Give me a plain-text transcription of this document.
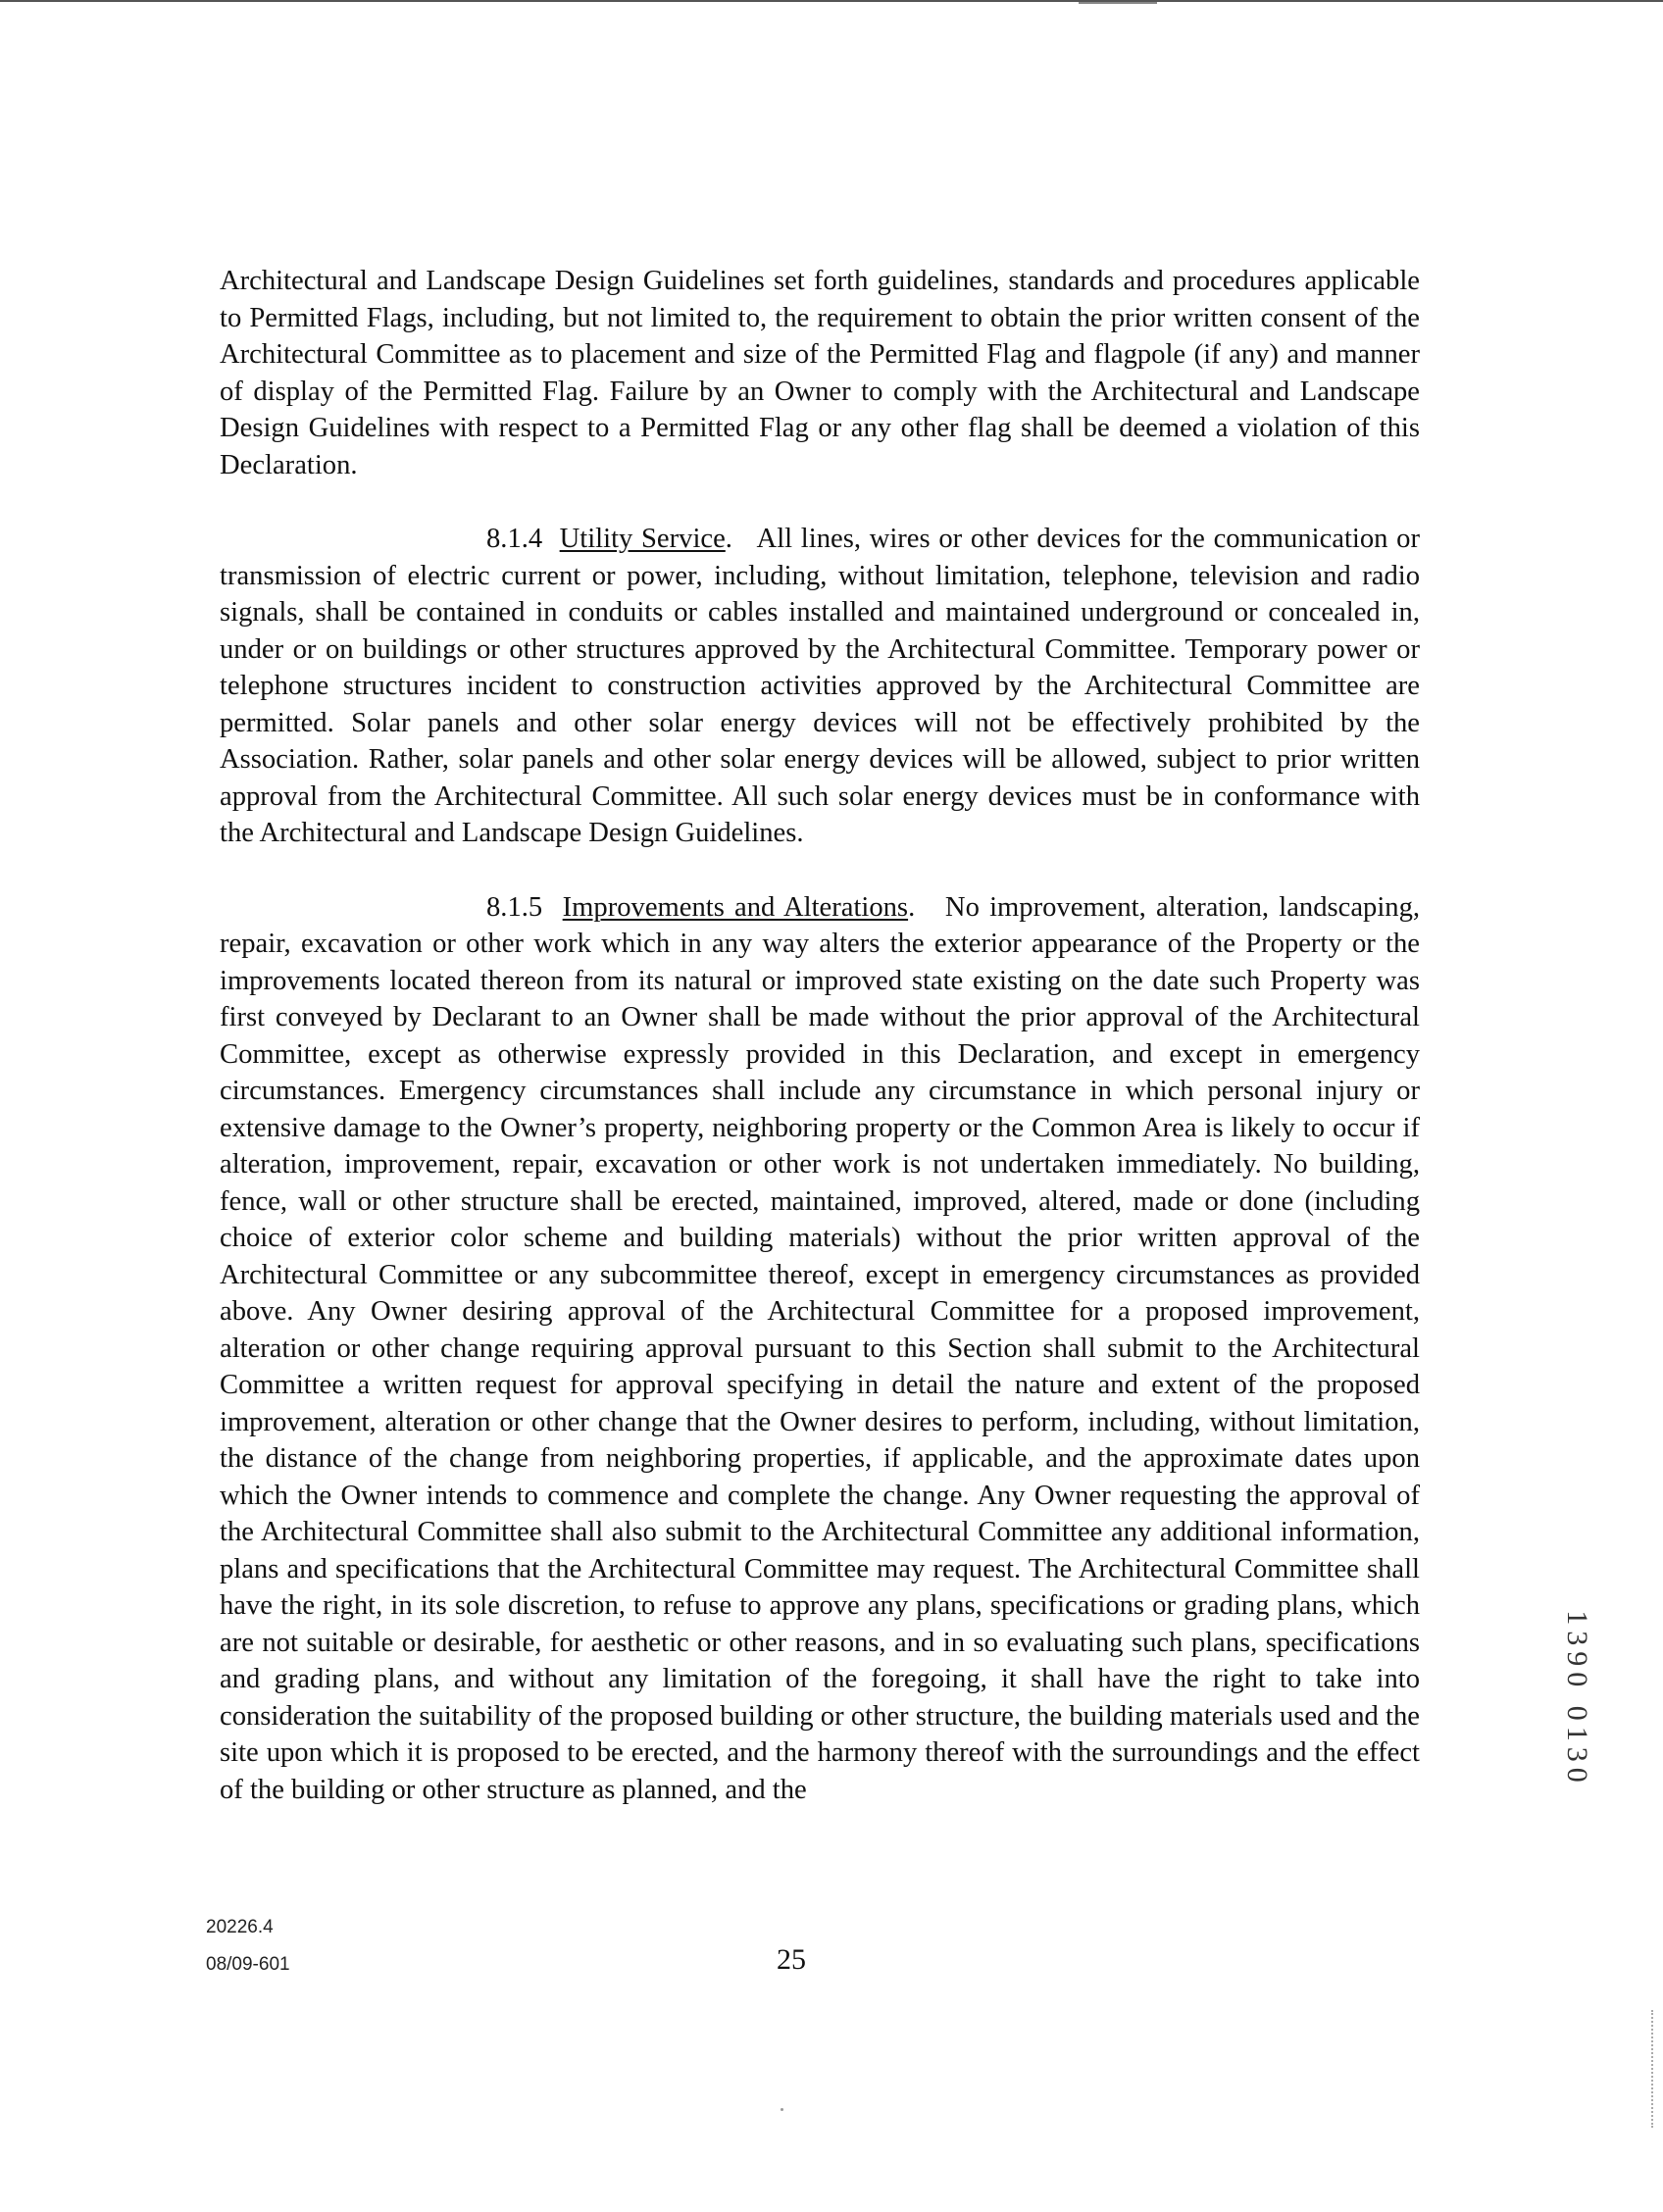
Architectural and Landscape Design Guidelines set forth guidelines, standards and procedures applicable to Permitted Flags, including, but not limited to, the requirement to obtain the prior written consent of the Architectural Committee as to placement and size of the Permitted Flag and flagpole (if any) and manner of display of the Permitted Flag. Failure by an Owner to comply with the Architectural and Landscape Design Guidelines with respect to a Permitted Flag or any other flag shall be deemed a violation of this Declaration.

8.1.4 Utility Service.   All lines, wires or other devices for the communication or transmission of electric current or power, including, without limitation, telephone, television and radio signals, shall be contained in conduits or cables installed and maintained underground or concealed in, under or on buildings or other structures approved by the Architectural Committee. Temporary power or telephone structures incident to construction activities approved by the Architectural Committee are permitted. Solar panels and other solar energy devices will not be effectively prohibited by the Association. Rather, solar panels and other solar energy devices will be allowed, subject to prior written approval from the Architectural Committee. All such solar energy devices must be in conformance with the Architectural and Landscape Design Guidelines.

8.1.5 Improvements and Alterations.   No improvement, alteration, landscaping, repair, excavation or other work which in any way alters the exterior appearance of the Property or the improvements located thereon from its natural or improved state existing on the date such Property was first conveyed by Declarant to an Owner shall be made without the prior approval of the Architectural Committee, except as otherwise expressly provided in this Declaration, and except in emergency circumstances. Emergency circumstances shall include any circumstance in which personal injury or extensive damage to the Owner’s property, neighboring property or the Common Area is likely to occur if alteration, improvement, repair, excavation or other work is not undertaken immediately. No building, fence, wall or other structure shall be erected, maintained, improved, altered, made or done (including choice of exterior color scheme and building materials) without the prior written approval of the Architectural Committee or any subcommittee thereof, except in emergency circumstances as provided above. Any Owner desiring approval of the Architectural Committee for a proposed improvement, alteration or other change requiring approval pursuant to this Section shall submit to the Architectural Committee a written request for approval specifying in detail the nature and extent of the proposed improvement, alteration or other change that the Owner desires to perform, including, without limitation, the distance of the change from neighboring properties, if applicable, and the approximate dates upon which the Owner intends to commence and complete the change. Any Owner requesting the approval of the Architectural Committee shall also submit to the Architectural Committee any additional information, plans and specifications that the Architectural Committee may request. The Architectural Committee shall have the right, in its sole discretion, to refuse to approve any plans, specifications or grading plans, which are not suitable or desirable, for aesthetic or other reasons, and in so evaluating such plans, specifications and grading plans, and without any limitation of the foregoing, it shall have the right to take into consideration the suitability of the proposed building or other structure, the building materials used and the site upon which it is proposed to be erected, and the harmony thereof with the surroundings and the effect of the building or other structure as planned, and the

20226.4
08/09-601	25
1390 0130
